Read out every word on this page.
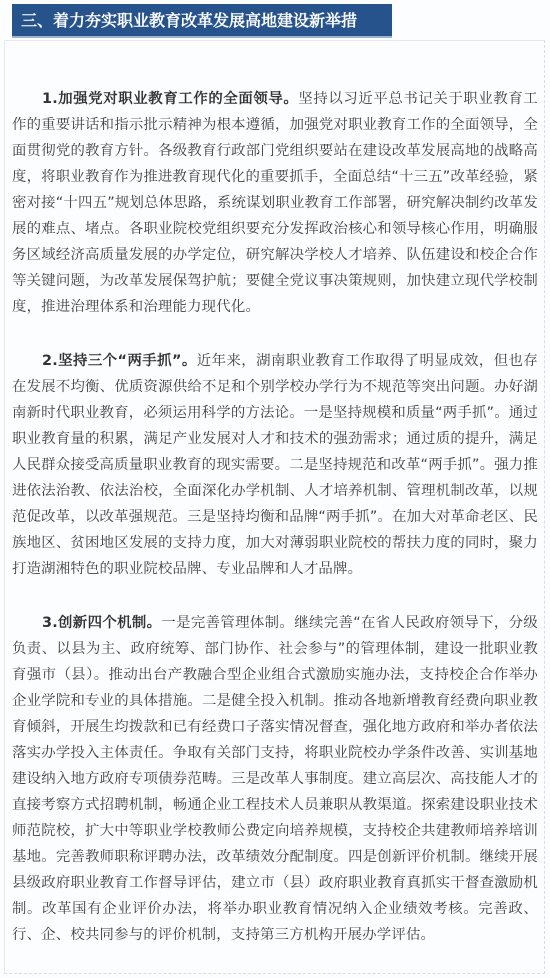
三、着力夯实职业教育改革发展高地建设新举措

1.加强党对职业教育工作的全面领导。坚持以习近平总书记关于职业教育工作的重要讲话和指示批示精神为根本遵循，加强党对职业教育工作的全面领导，全面贯彻党的教育方针。各级教育行政部门党组织要站在建设改革发展高地的战略高度，将职业教育作为推进教育现代化的重要抓手，全面总结“十三五”改革经验，紧密对接“十四五”规划总体思路，系统谋划职业教育工作部署，研究解决制约改革发展的难点、堵点。各职业院校党组织要充分发挥政治核心和领导核心作用，明确服务区域经济高质量发展的办学定位，研究解决学校人才培养、队伍建设和校企合作等关键问题，为改革发展保驾护航；要健全党议事决策规则，加快建立现代学校制度，推进治理体系和治理能力现代化。

2.坚持三个“两手抓”。近年来，湖南职业教育工作取得了明显成效，但也存在发展不均衡、优质资源供给不足和个别学校办学行为不规范等突出问题。办好湖南新时代职业教育，必须运用科学的方法论。一是坚持规模和质量“两手抓”。通过职业教育量的积累，满足产业发展对人才和技术的强劲需求；通过质的提升，满足人民群众接受高质量职业教育的现实需要。二是坚持规范和改革“两手抓”。强力推进依法治教、依法治校，全面深化办学机制、人才培养机制、管理机制改革，以规范促改革，以改革强规范。三是坚持均衡和品牌“两手抓”。在加大对革命老区、民族地区、贫困地区发展的支持力度，加大对薄弱职业院校的帮扶力度的同时，聚力打造湖湘特色的职业院校品牌、专业品牌和人才品牌。

3.创新四个机制。一是完善管理体制。继续完善“在省人民政府领导下，分级负责、以县为主、政府统筹、部门协作、社会参与”的管理体制，建设一批职业教育强市（县）。推动出台产教融合型企业组合式激励实施办法，支持校企合作举办企业学院和专业的具体措施。二是健全投入机制。推动各地新增教育经费向职业教育倾斜，开展生均拨款和已有经费口子落实情况督查，强化地方政府和举办者依法落实办学投入主体责任。争取有关部门支持，将职业院校办学条件改善、实训基地建设纳入地方政府专项债券范畴。三是改革人事制度。建立高层次、高技能人才的直接考察方式招聘机制，畅通企业工程技术人员兼职从教渠道。探索建设职业技术师范院校，扩大中等职业学校教师公费定向培养规模，支持校企共建教师培养培训基地。完善教师职称评聘办法，改革绩效分配制度。四是创新评价机制。继续开展县级政府职业教育工作督导评估，建立市（县）政府职业教育真抓实干督查激励机制。改革国有企业评价办法，将举办职业教育情况纳入企业绩效考核。完善政、行、企、校共同参与的评价机制，支持第三方机构开展办学评估。
